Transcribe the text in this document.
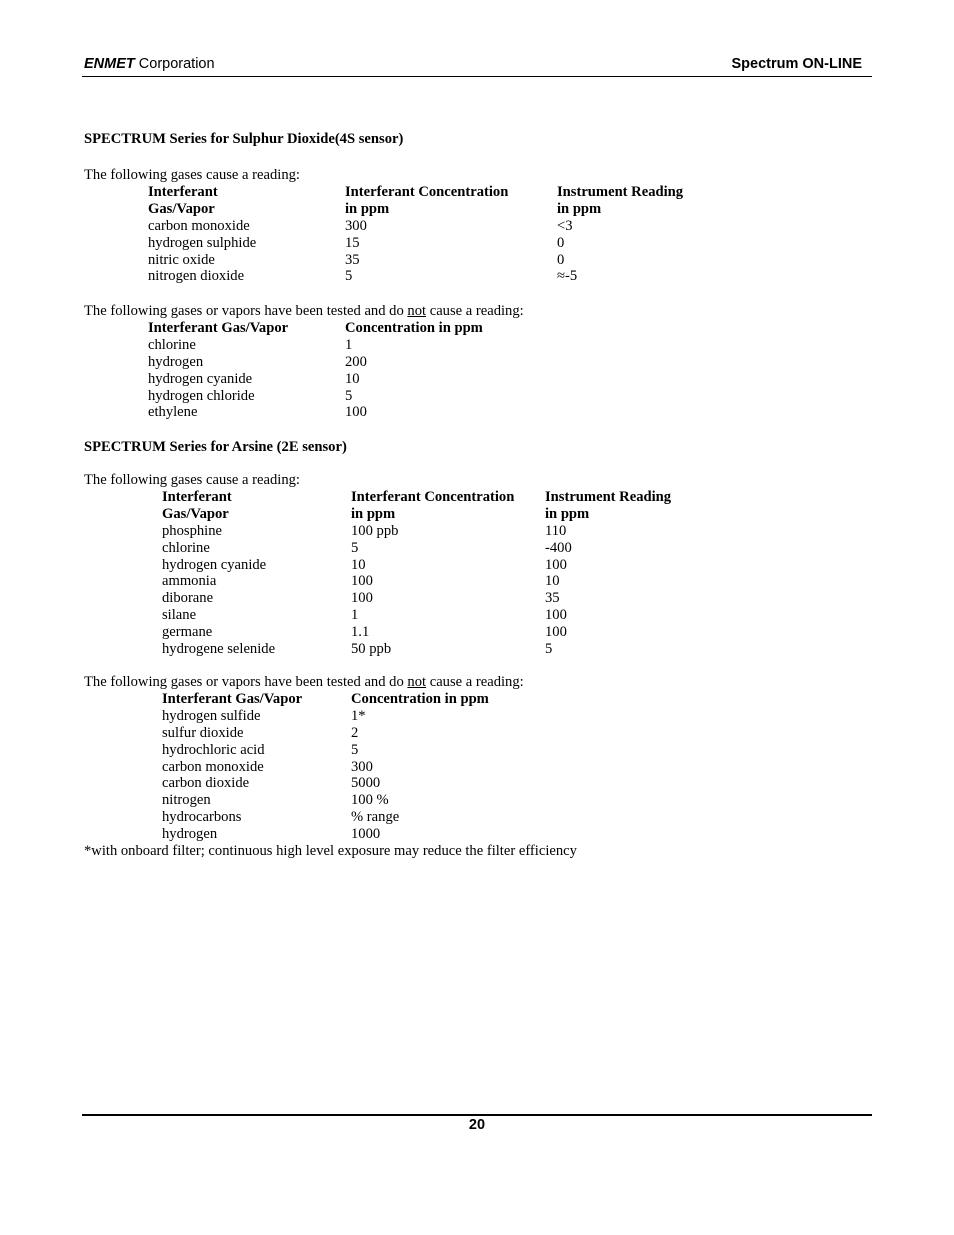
ENMET Corporation	Spectrum ON-LINE
SPECTRUM Series for Sulphur Dioxide(4S sensor)
The following gases cause a reading:
Interferant
Gas/Vapor
carbon monoxide
hydrogen sulphide
nitric oxide
nitrogen dioxide
Interferant Concentration
in ppm
300
15
35
5
Instrument Reading
in ppm
<3
0
0
≈-5
The following gases or vapors have been tested and do not cause a reading:
Interferant Gas/Vapor
chlorine
hydrogen
hydrogen cyanide
hydrogen chloride
ethylene
Concentration in ppm
1
200
10
5
100
SPECTRUM Series for Arsine (2E sensor)
The following gases cause a reading:
Interferant
Gas/Vapor
phosphine
chlorine
hydrogen cyanide
ammonia
diborane
silane
germane
hydrogene selenide
Interferant Concentration
in ppm
100 ppb
5
10
100
100
1
1.1
50 ppb
Instrument Reading
in ppm
110
-400
100
10
35
100
100
5
The following gases or vapors have been tested and do not cause a reading:
Interferant Gas/Vapor
hydrogen sulfide
sulfur dioxide
hydrochloric acid
carbon monoxide
carbon dioxide
nitrogen
hydrocarbons
hydrogen
Concentration in ppm
1*
2
5
300
5000
100 %
% range
1000
*with onboard filter; continuous high level exposure may reduce the filter efficiency
20
